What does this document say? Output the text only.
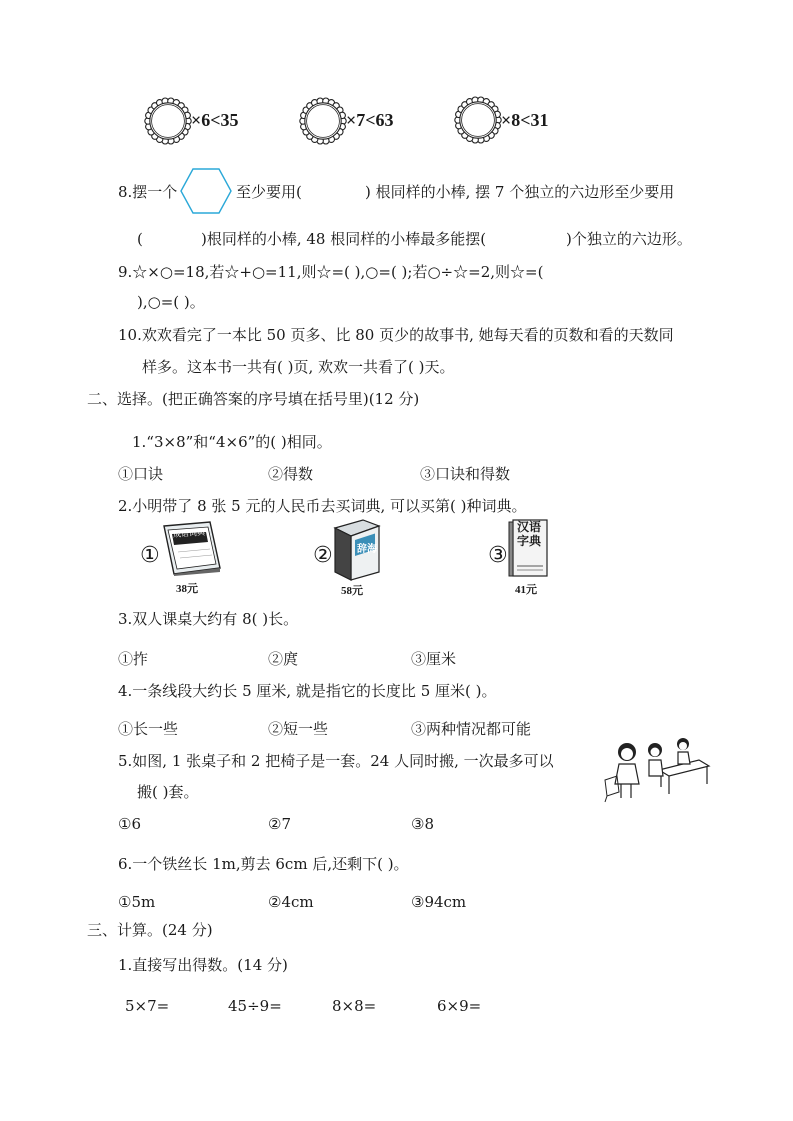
×6<35	×7<63	×8<31
8.摆一个	至少要用(	) 根同样的小棒, 摆 7 个独立的六边形至少要用
(	)根同样的小棒, 48 根同样的小棒最多能摆(	)个独立的六边形。
9.☆×○=18,若☆+○=11,则☆=( ),○=( );若○÷☆=2,则☆=(
),○=( )。
10.欢欢看完了一本比 50 页多、比 80 页少的故事书, 她每天看的页数和看的天数同
样多。这本书一共有( )页, 欢欢一共看了( )天。
二、选择。(把正确答案的序号填在括号里)(12 分)
1.“3×8”和“4×6”的( )相同。
①口诀	②得数	③口诀和得数
2.小明带了 8 张 5 元的人民币去买词典, 可以买第( )种词典。
①
成语词典
38元
② 辞海
58元
③
汉语
字典
41元
3.双人课桌大约有 8( )长。
①拃	②庹	③厘米
4.一条线段大约长 5 厘米, 就是指它的长度比 5 厘米( )。
①长一些	②短一些	③两种情况都可能
5.如图, 1 张桌子和 2 把椅子是一套。24 人同时搬, 一次最多可以
搬( )套。
①6	②7	③8
6.一个铁丝长 1m,剪去 6cm 后,还剩下( )。
①5m	②4cm	③94cm
三、计算。(24 分)
1.直接写出得数。(14 分)
5×7=	45÷9=	8×8=	6×9=
